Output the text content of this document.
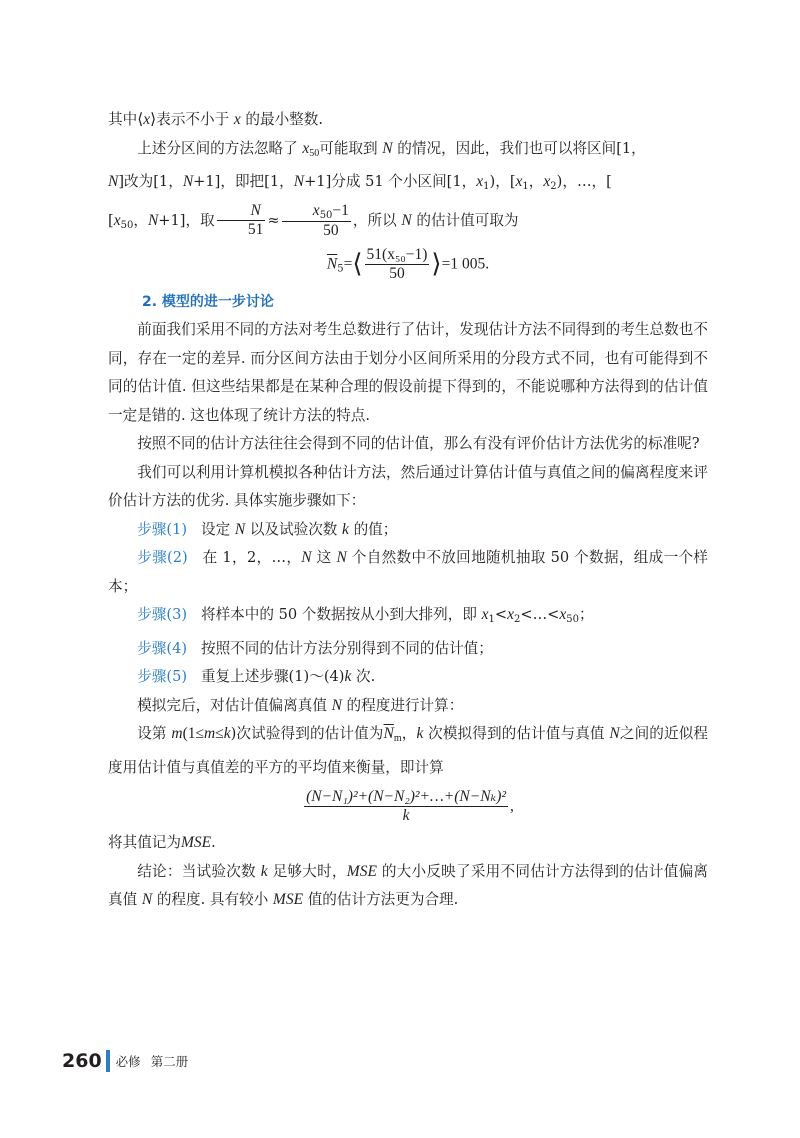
其中⟨x⟩表示不小于 x 的最小整数.

上述分区间的方法忽略了 $x_{50}$可能取到 N 的情况，因此，我们也可以将区间[1，
N]改为[1，N+1]，即把[1，N+1]分成 51 个小区间[1，$x_1$)，[$x_1$，$x_2$)，…，[
[$x_{50}$，N+1]，取 $\frac{N}{51} \approx \frac{x_{50}-1}{50}$ ，所以 N 的估计值可取为

$\overline{N}_5=⟨ \frac{\text{51(x₅₀−1)}}{50}$ ⟩=1 005.
2. 模型的进一步讨论

前面我们采用不同的方法对考生总数进行了估计，发现估计方法不同得到的考生总数也不同，存在一定的差异. 而分区间方法由于划分小区间所采用的分段方式不同，也有可能得到不同的估计值. 但这些结果都是在某种合理的假设前提下得到的，不能说哪种方法得到的估计值一定是错的. 这也体现了统计方法的特点.

按照不同的估计方法往往会得到不同的估计值，那么有没有评价估计方法优劣的标准呢?

我们可以利用计算机模拟各种估计方法，然后通过计算估计值与真值之间的偏离程度来评价估计方法的优劣. 具体实施步骤如下：

步骤(1) 设定 N 以及试验次数 k 的值；

步骤(2) 在 1，2，…，N 这 N 个自然数中不放回地随机抽取 50 个数据，组成一个样本；

步骤(3) 将样本中的 50 个数据按从小到大排列，即 $x_1<x_2<\dots<x_{50}$；

步骤(4) 按照不同的估计方法分别得到不同的估计值；

步骤(5) 重复上述步骤(1)～(4)k 次.

模拟完后，对估计值偏离真值 N 的程度进行计算：

设第 m(1≤m≤k)次试验得到的估计值为$\overline{N}_m$，k 次模拟得到的估计值与真值 N之间的近似程度用估计值与真值差的平方的平均值来衡量，即计算

$\frac{\text{(N−N₁)²+(N−N₂)²+…+(N−Nₖ)²}}{k}$ ,

将其值记为MSE.

结论：当试验次数 k 足够大时，MSE 的大小反映了采用不同估计方法得到的估计值偏离真值 N 的程度. 具有较小 MSE 值的估计方法更为合理.

260 必修 第二册
